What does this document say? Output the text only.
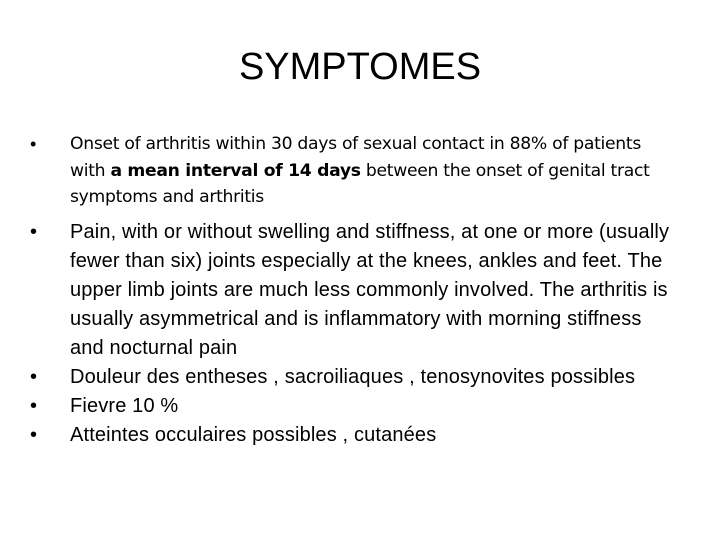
SYMPTOMES
• Onset of arthritis within 30 days of sexual contact in 88% of patients with a mean interval of 14 days between the onset of genital tract symptoms and arthritis
• Pain, with or without swelling and stiffness, at one or more (usually fewer than six) joints especially at the knees, ankles and feet. The upper limb joints are much less commonly involved. The arthritis is usually asymmetrical and is inflammatory with morning stiffness and nocturnal pain
• Douleur des entheses , sacroiliaques , tenosynovites possibles
• Fievre 10 %
• Atteintes occulaires possibles , cutanées
